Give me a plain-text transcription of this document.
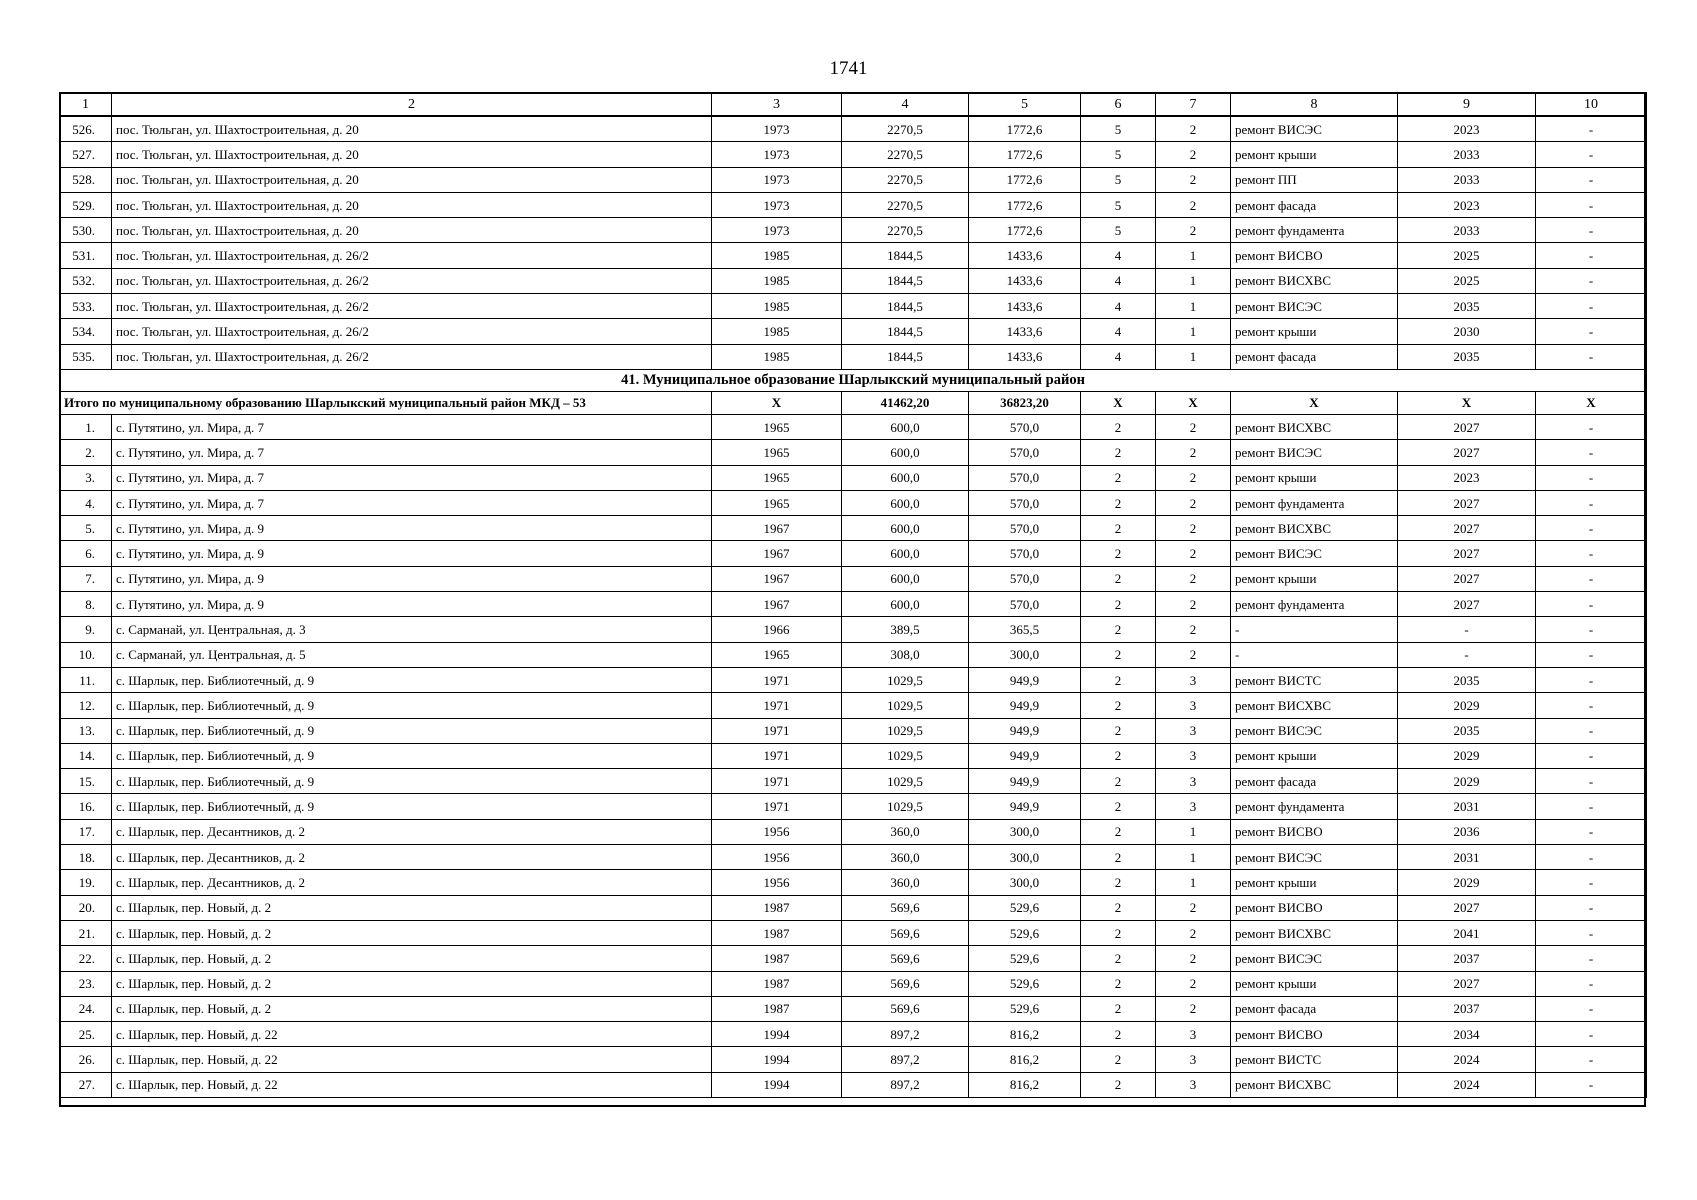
1741
1	2	3	4	5	6	7	8	9	10
526.	пос. Тюльган, ул. Шахтостроительная, д. 20	1973	2270,5	1772,6	5	2	ремонт ВИСЭС	2023	-
527.	пос. Тюльган, ул. Шахтостроительная, д. 20	1973	2270,5	1772,6	5	2	ремонт крыши	2033	-
528.	пос. Тюльган, ул. Шахтостроительная, д. 20	1973	2270,5	1772,6	5	2	ремонт ПП	2033	-
529.	пос. Тюльган, ул. Шахтостроительная, д. 20	1973	2270,5	1772,6	5	2	ремонт фасада	2023	-
530.	пос. Тюльган, ул. Шахтостроительная, д. 20	1973	2270,5	1772,6	5	2	ремонт фундамента	2033	-
531.	пос. Тюльган, ул. Шахтостроительная, д. 26/2	1985	1844,5	1433,6	4	1	ремонт ВИСВО	2025	-
532.	пос. Тюльган, ул. Шахтостроительная, д. 26/2	1985	1844,5	1433,6	4	1	ремонт ВИСХВС	2025	-
533.	пос. Тюльган, ул. Шахтостроительная, д. 26/2	1985	1844,5	1433,6	4	1	ремонт ВИСЭС	2035	-
534.	пос. Тюльган, ул. Шахтостроительная, д. 26/2	1985	1844,5	1433,6	4	1	ремонт крыши	2030	-
535.	пос. Тюльган, ул. Шахтостроительная, д. 26/2	1985	1844,5	1433,6	4	1	ремонт фасада	2035	-
41. Муниципальное образование Шарлыкский муниципальный район									
Итого по муниципальному образованию Шарлыкский муниципальный район МКД – 53		Х	41462,20	36823,20	Х	Х	Х	Х	Х
1.	с. Путятино, ул. Мира, д. 7	1965	600,0	570,0	2	2	ремонт ВИСХВС	2027	-
2.	с. Путятино, ул. Мира, д. 7	1965	600,0	570,0	2	2	ремонт ВИСЭС	2027	-
3.	с. Путятино, ул. Мира, д. 7	1965	600,0	570,0	2	2	ремонт крыши	2023	-
4.	с. Путятино, ул. Мира, д. 7	1965	600,0	570,0	2	2	ремонт фундамента	2027	-
5.	с. Путятино, ул. Мира, д. 9	1967	600,0	570,0	2	2	ремонт ВИСХВС	2027	-
6.	с. Путятино, ул. Мира, д. 9	1967	600,0	570,0	2	2	ремонт ВИСЭС	2027	-
7.	с. Путятино, ул. Мира, д. 9	1967	600,0	570,0	2	2	ремонт крыши	2027	-
8.	с. Путятино, ул. Мира, д. 9	1967	600,0	570,0	2	2	ремонт фундамента	2027	-
9.	с. Сарманай, ул. Центральная, д. 3	1966	389,5	365,5	2	2	-	-	-
10.	с. Сарманай, ул. Центральная, д. 5	1965	308,0	300,0	2	2	-	-	-
11.	с. Шарлык, пер. Библиотечный, д. 9	1971	1029,5	949,9	2	3	ремонт ВИСТС	2035	-
12.	с. Шарлык, пер. Библиотечный, д. 9	1971	1029,5	949,9	2	3	ремонт ВИСХВС	2029	-
13.	с. Шарлык, пер. Библиотечный, д. 9	1971	1029,5	949,9	2	3	ремонт ВИСЭС	2035	-
14.	с. Шарлык, пер. Библиотечный, д. 9	1971	1029,5	949,9	2	3	ремонт крыши	2029	-
15.	с. Шарлык, пер. Библиотечный, д. 9	1971	1029,5	949,9	2	3	ремонт фасада	2029	-
16.	с. Шарлык, пер. Библиотечный, д. 9	1971	1029,5	949,9	2	3	ремонт фундамента	2031	-
17.	с. Шарлык, пер. Десантников, д. 2	1956	360,0	300,0	2	1	ремонт ВИСВО	2036	-
18.	с. Шарлык, пер. Десантников, д. 2	1956	360,0	300,0	2	1	ремонт ВИСЭС	2031	-
19.	с. Шарлык, пер. Десантников, д. 2	1956	360,0	300,0	2	1	ремонт крыши	2029	-
20.	с. Шарлык, пер. Новый, д. 2	1987	569,6	529,6	2	2	ремонт ВИСВО	2027	-
21.	с. Шарлык, пер. Новый, д. 2	1987	569,6	529,6	2	2	ремонт ВИСХВС	2041	-
22.	с. Шарлык, пер. Новый, д. 2	1987	569,6	529,6	2	2	ремонт ВИСЭС	2037	-
23.	с. Шарлык, пер. Новый, д. 2	1987	569,6	529,6	2	2	ремонт крыши	2027	-
24.	с. Шарлык, пер. Новый, д. 2	1987	569,6	529,6	2	2	ремонт фасада	2037	-
25.	с. Шарлык, пер. Новый, д. 22	1994	897,2	816,2	2	3	ремонт ВИСВО	2034	-
26.	с. Шарлык, пер. Новый, д. 22	1994	897,2	816,2	2	3	ремонт ВИСТС	2024	-
27.	с. Шарлык, пер. Новый, д. 22	1994	897,2	816,2	2	3	ремонт ВИСХВС	2024	-
